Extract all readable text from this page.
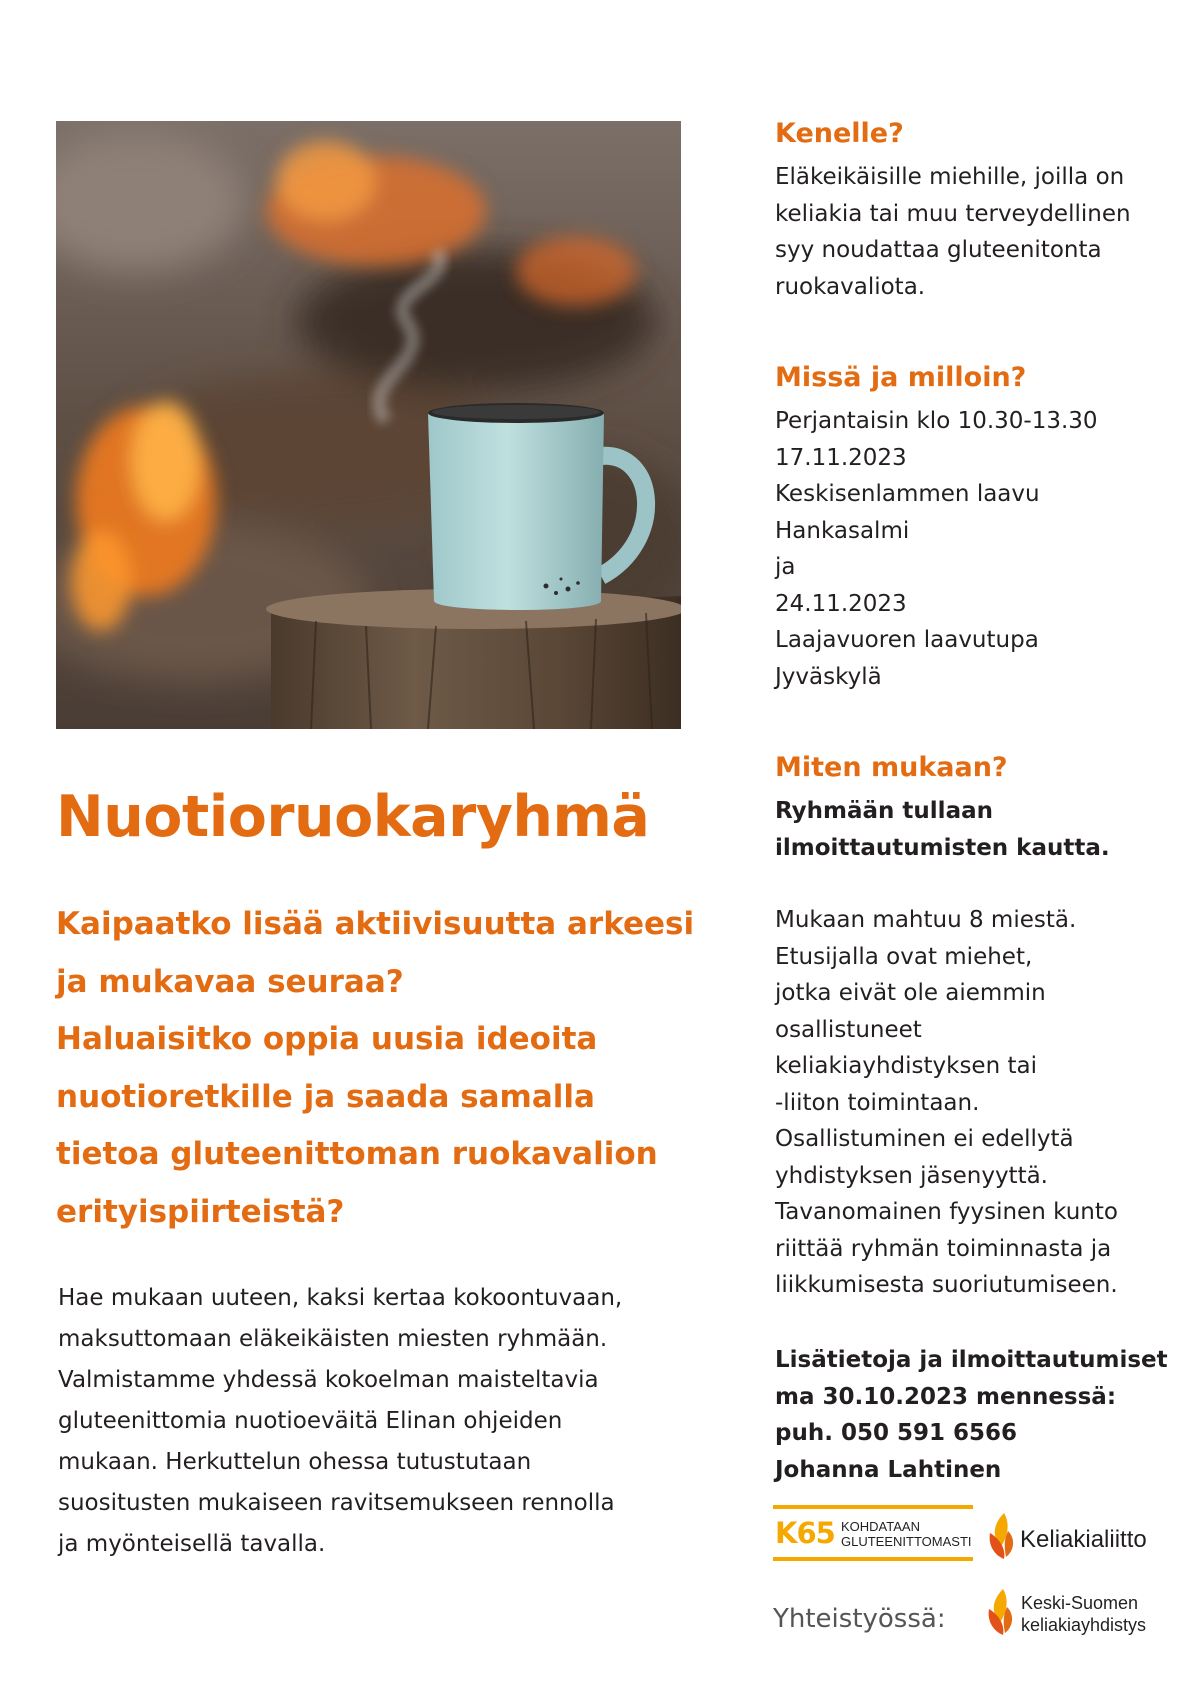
Nuotioruokaryhmä

Kaipaatko lisää aktiivisuutta arkeesi
ja mukavaa seuraa?
Haluaisitko oppia uusia ideoita
nuotioretkille ja saada samalla
tietoa gluteenittoman ruokavalion
erityispiirteistä?

Hae mukaan uuteen, kaksi kertaa kokoontuvaan,
maksuttomaan eläkeikäisten miesten ryhmään.
Valmistamme yhdessä kokoelman maisteltavia
gluteenittomia nuotioeväitä Elinan ohjeiden
mukaan. Herkuttelun ohessa tutustutaan
suositusten mukaiseen ravitsemukseen rennolla
ja myönteisellä tavalla.

Kenelle?

Eläkeikäisille miehille, joilla on
keliakia tai muu terveydellinen
syy noudattaa gluteenitonta
ruokavaliota.

Missä ja milloin?

Perjantaisin klo 10.30-13.30
17.11.2023
Keskisenlammen laavu
Hankasalmi
ja
24.11.2023
Laajavuoren laavutupa
Jyväskylä

Miten mukaan?

Ryhmään tullaan
ilmoittautumisten kautta.

Mukaan mahtuu 8 miestä.
Etusijalla ovat miehet,
jotka eivät ole aiemmin
osallistuneet
keliakiayhdistyksen tai
-liiton toimintaan.
Osallistuminen ei edellytä
yhdistyksen jäsenyyttä.
Tavanomainen fyysinen kunto
riittää ryhmän toiminnasta ja
liikkumisesta suoriutumiseen.

Lisätietoja ja ilmoittautumiset
ma 30.10.2023 mennessä:
puh. 050 591 6566
Johanna Lahtinen

K65 KOHDATAAN
GLUTEENITTOMASTI Keliakialiitto
Yhteistyössä:
Keski-Suomen
keliakiayhdistys
